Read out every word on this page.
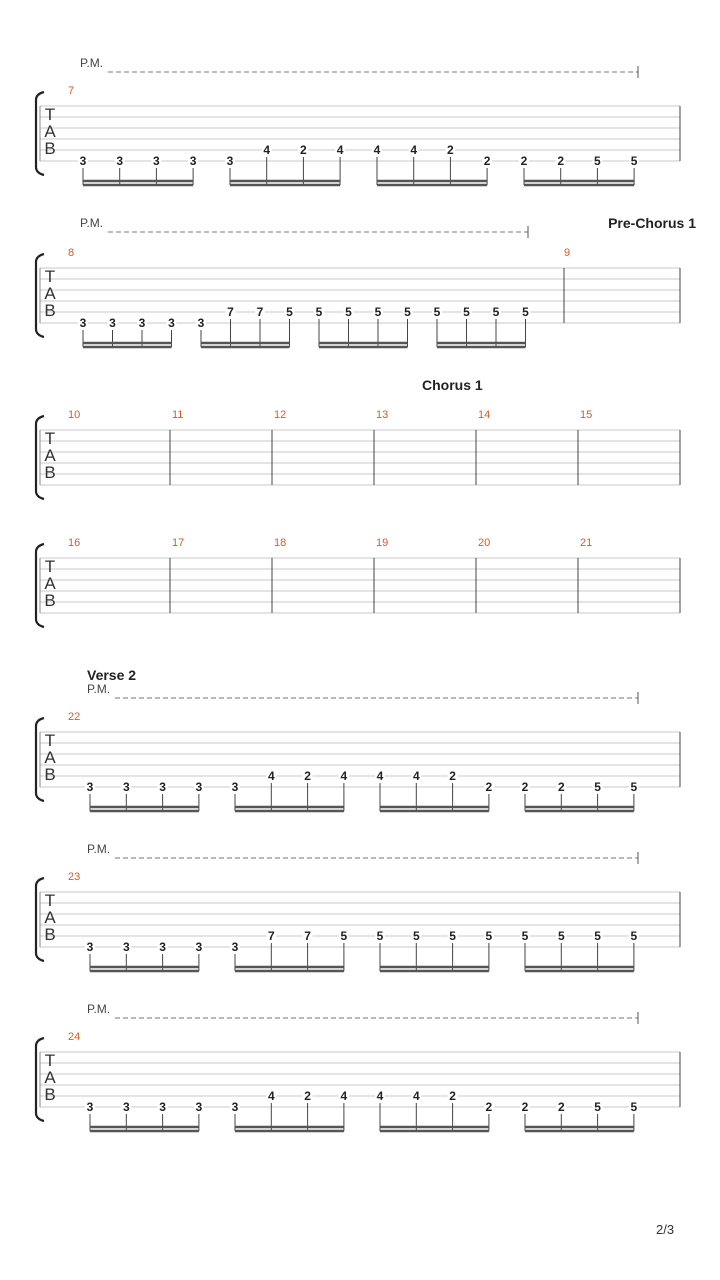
P.M.
T
A
B
7
3	3	3	3	3
4	2	4	4	4	2
2	2	2	5	5
Pre-Chorus 1
P.M.
T
A
B
8	9
3 3 3 3 3
7 7 5 5 5 5 5 5 5 5 5
Chorus 1
T
A
B
10	11	12	13	14	15
T
A
B
16	17	18	19	20	21
Verse 2
P.M.
T
A
B
22
3 3 3 3 3
4 2 4 4 4 2
2 2 2 5 5
P.M.
T
A
B
23
3 3 3 3 3
7 7 5 5 5 5 5 5 5 5 5
P.M.
T
A
B
24
3 3 3 3 3
4 2 4 4 4 2
2 2 2 5 5
2/3
